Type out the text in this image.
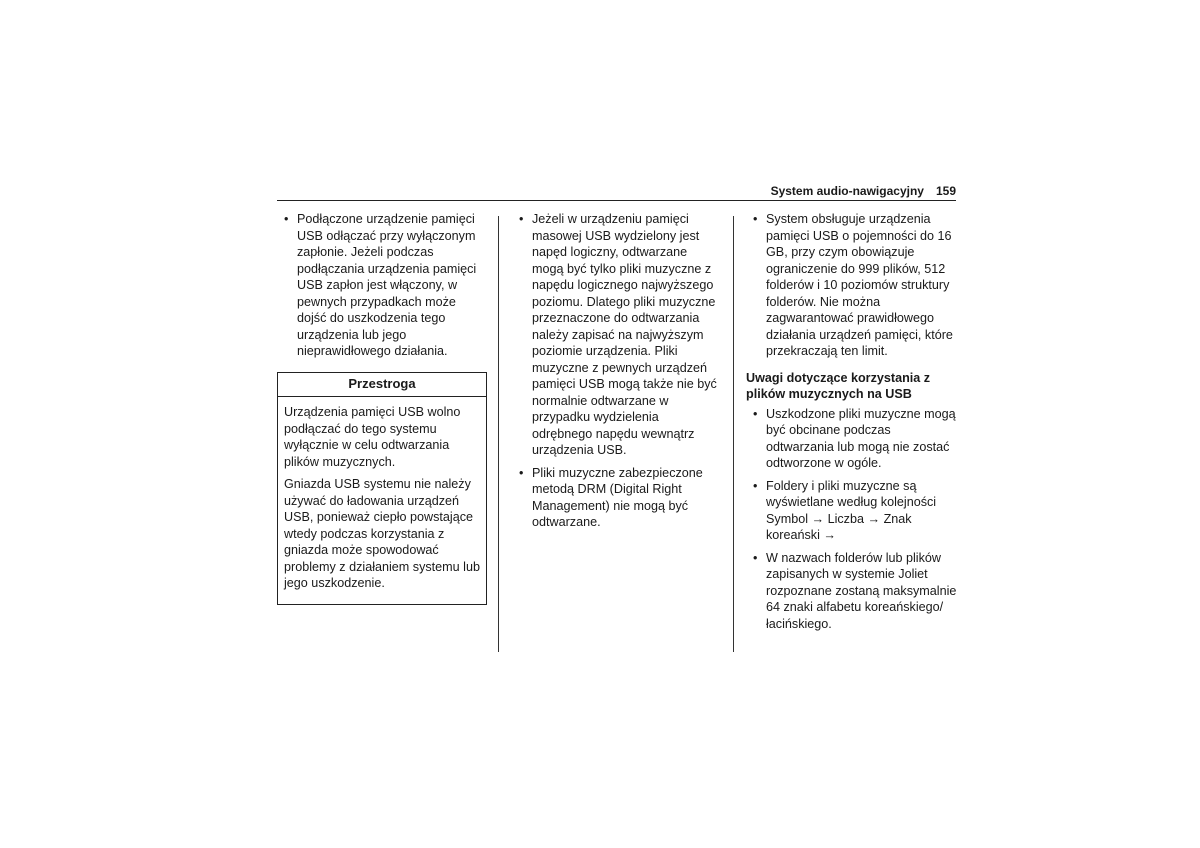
System audio-nawigacyjny 159
• Podłączone urządzenie pamięci USB odłączać przy wyłączonym zapłonie. Jeżeli podczas podłączania urządzenia pamięci USB zapłon jest włączony, w pewnych przypadkach może dojść do uszkodzenia tego urządzenia lub jego nieprawidłowego działania.
Przestroga

Urządzenia pamięci USB wolno podłączać do tego systemu wyłącznie w celu odtwarzania plików muzycznych.

Gniazda USB systemu nie należy używać do ładowania urządzeń USB, ponieważ ciepło powstające wtedy podczas korzystania z gniazda może spowodować problemy z działaniem systemu lub jego uszkodzenie.

• Jeżeli w urządzeniu pamięci masowej USB wydzielony jest napęd logiczny, odtwarzane mogą być tylko pliki muzyczne z napędu logicznego najwyższego poziomu. Dlatego pliki muzyczne przeznaczone do odtwarzania należy zapisać na najwyższym poziomie urządzenia. Pliki muzyczne z pewnych urządzeń pamięci USB mogą także nie być normalnie odtwarzane w przypadku wydzielenia odrębnego napędu wewnątrz urządzenia USB.
• Pliki muzyczne zabezpieczone metodą DRM (Digital Right Management) nie mogą być odtwarzane.
• System obsługuje urządzenia pamięci USB o pojemności do 16 GB, przy czym obowiązuje ograniczenie do 999 plików, 512 folderów i 10 poziomów struktury folderów. Nie można zagwarantować prawidłowego działania urządzeń pamięci, które przekraczają ten limit.
Uwagi dotyczące korzystania z plików muzycznych na USB
• Uszkodzone pliki muzyczne mogą być obcinane podczas odtwarzania lub mogą nie zostać odtworzone w ogóle.
• Foldery i pliki muzyczne są wyświetlane według kolejności Symbol → Liczba → Znak koreański →
• W nazwach folderów lub plików zapisanych w systemie Joliet rozpoznane zostaną maksymalnie 64 znaki alfabetu koreańskiego/łacińskiego.
